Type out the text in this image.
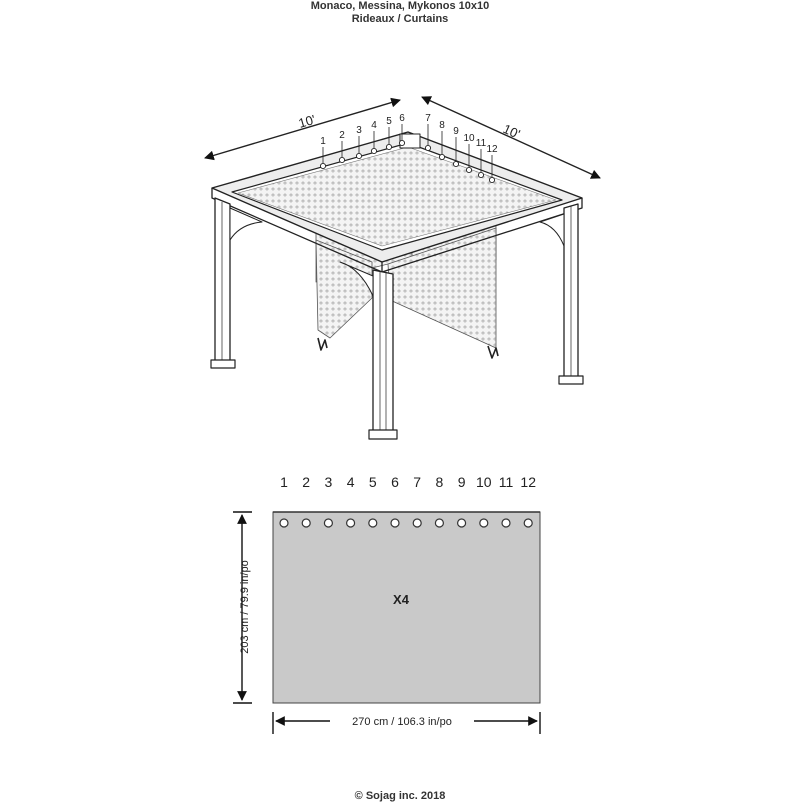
Monaco, Messina, Mykonos 10x10
Rideaux / Curtains
10'	10'
1
2 3 4 5 6 7
8
9
10 11
12
1 2 3 4 5 6 7 8 9 10 11 12
X4
203 cm / 79.9 in/po
270 cm / 106.3 in/po
© Sojag inc. 2018
